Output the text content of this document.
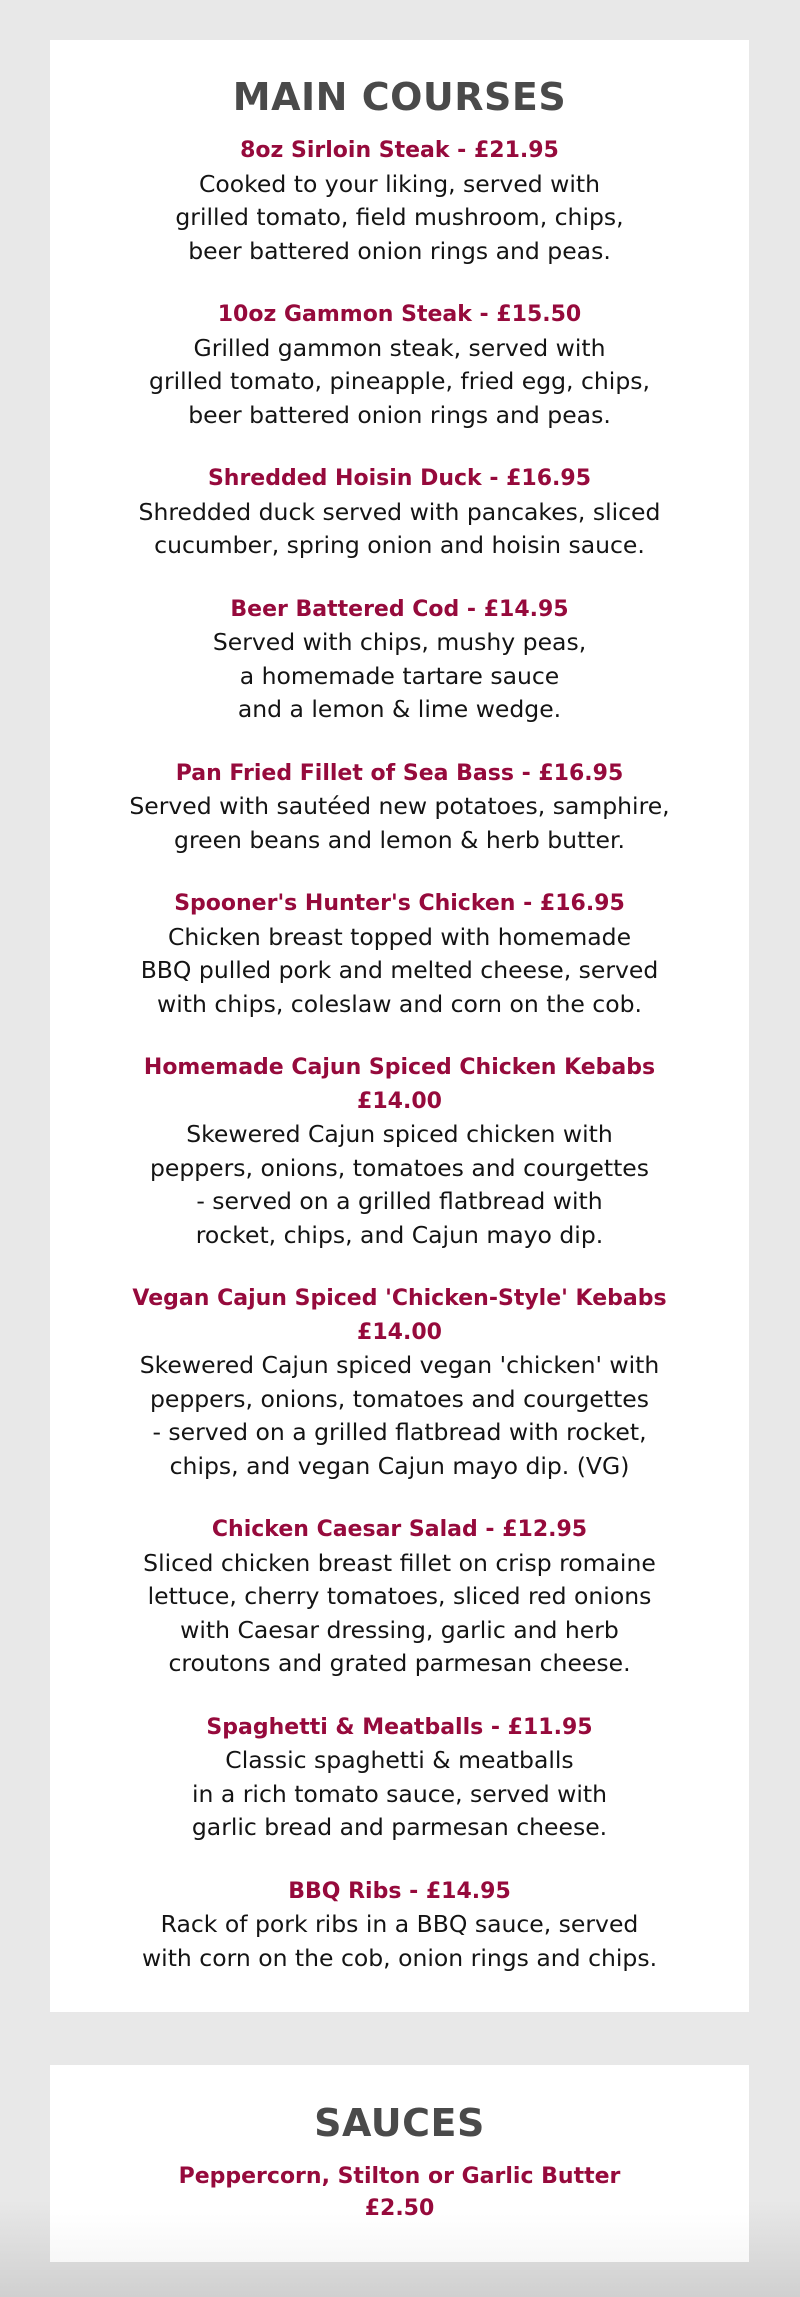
MAIN COURSES
8oz Sirloin Steak - £21.95
Cooked to your liking, served with
grilled tomato, field mushroom, chips,
beer battered onion rings and peas.
10oz Gammon Steak - £15.50
Grilled gammon steak, served with
grilled tomato, pineapple, fried egg, chips,
beer battered onion rings and peas.
Shredded Hoisin Duck - £16.95
Shredded duck served with pancakes, sliced
cucumber, spring onion and hoisin sauce.
Beer Battered Cod - £14.95
Served with chips, mushy peas,
a homemade tartare sauce
and a lemon & lime wedge.
Pan Fried Fillet of Sea Bass - £16.95
Served with sautéed new potatoes, samphire,
green beans and lemon & herb butter.
Spooner's Hunter's Chicken - £16.95
Chicken breast topped with homemade
BBQ pulled pork and melted cheese, served
with chips, coleslaw and corn on the cob.
Homemade Cajun Spiced Chicken Kebabs
£14.00
Skewered Cajun spiced chicken with
peppers, onions, tomatoes and courgettes
- served on a grilled flatbread with
rocket, chips, and Cajun mayo dip.
Vegan Cajun Spiced 'Chicken-Style' Kebabs
£14.00
Skewered Cajun spiced vegan 'chicken' with
peppers, onions, tomatoes and courgettes
- served on a grilled flatbread with rocket,
chips, and vegan Cajun mayo dip. (VG)
Chicken Caesar Salad - £12.95
Sliced chicken breast fillet on crisp romaine
lettuce, cherry tomatoes, sliced red onions
with Caesar dressing, garlic and herb
croutons and grated parmesan cheese.
Spaghetti & Meatballs - £11.95
Classic spaghetti & meatballs
in a rich tomato sauce, served with
garlic bread and parmesan cheese.
BBQ Ribs - £14.95
Rack of pork ribs in a BBQ sauce, served
with corn on the cob, onion rings and chips.
SAUCES
Peppercorn, Stilton or Garlic Butter
£2.50
